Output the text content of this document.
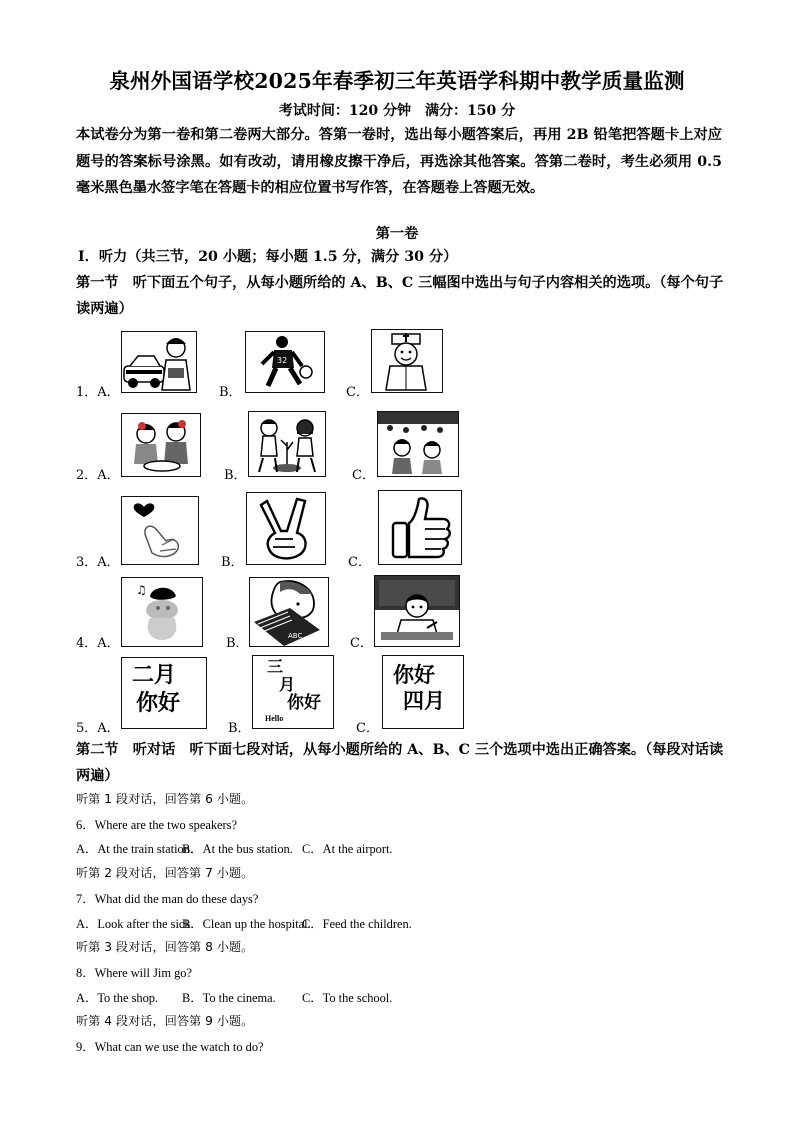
泉州外国语学校2025年春季初三年英语学科期中教学质量监测
考试时间：120 分钟　满分：150 分
本试卷分为第一卷和第二卷两大部分。答第一卷时，选出每小题答案后，再用 2B 铅笔把答题卡上对应题号的答案标号涂黑。如有改动，请用橡皮擦干净后，再选涂其他答案。答第二卷时，考生必须用 0.5 毫米黑色墨水签字笔在答题卡的相应位置书写作答，在答题卷上答题无效。
第一卷
Ⅰ．听力（共三节，20 小题；每小题 1.5 分，满分 30 分）
第一节　听下面五个句子，从每小题所给的 A、B、C 三幅图中选出与句子内容相关的选项。（每个句子读两遍）
1．A．	B．
32
C．
2．A．	B．	C．
3．A．	B．	C．
4．A．
♫
B．	ABC	C．
5．A．
二月
你好
B．
三
月
你好
Hello
C．
你好
四月
第二节　听对话　听下面七段对话，从每小题所给的 A、B、C 三个选项中选出正确答案。（每段对话读两遍）
听第 1 段对话，回答第 6 小题。
6．Where are the two speakers?
A．At the train station.
B．At the bus station. C．At the airport.
听第 2 段对话，回答第 7 小题。
7．What did the man do these days?
A．Look after the sick.
B．Clean up the hospital.
C．Feed the children.
听第 3 段对话，回答第 8 小题。
8．Where will Jim go?
A．To the shop. B．To the cinema. C．To the school.
听第 4 段对话，回答第 9 小题。
9．What can we use the watch to do?
